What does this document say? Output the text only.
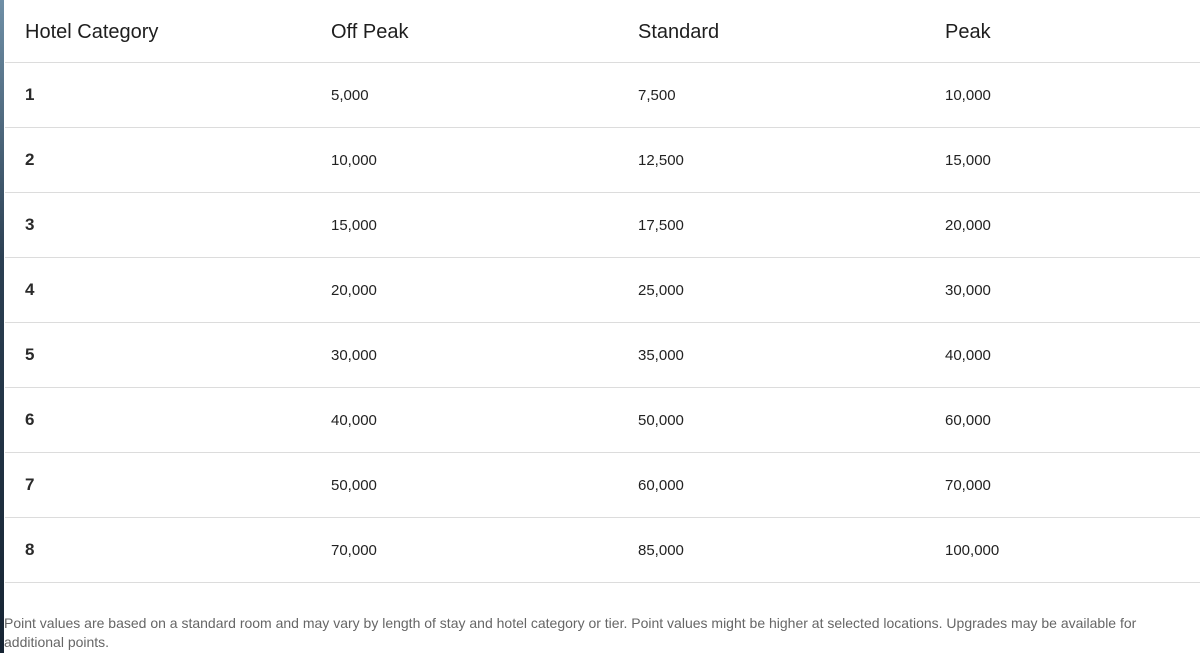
Hotel Category	Off Peak	Standard	Peak

1	5,000	7,500	10,000

2	10,000	12,500	15,000

3	15,000	17,500	20,000

4	20,000	25,000	30,000

5	30,000	35,000	40,000

6	40,000	50,000	60,000

7	50,000	60,000	70,000

8	70,000	85,000	100,000
Point values are based on a standard room and may vary by length of stay and hotel category or tier. Point values might be higher at selected locations. Upgrades may be available for additional points.
